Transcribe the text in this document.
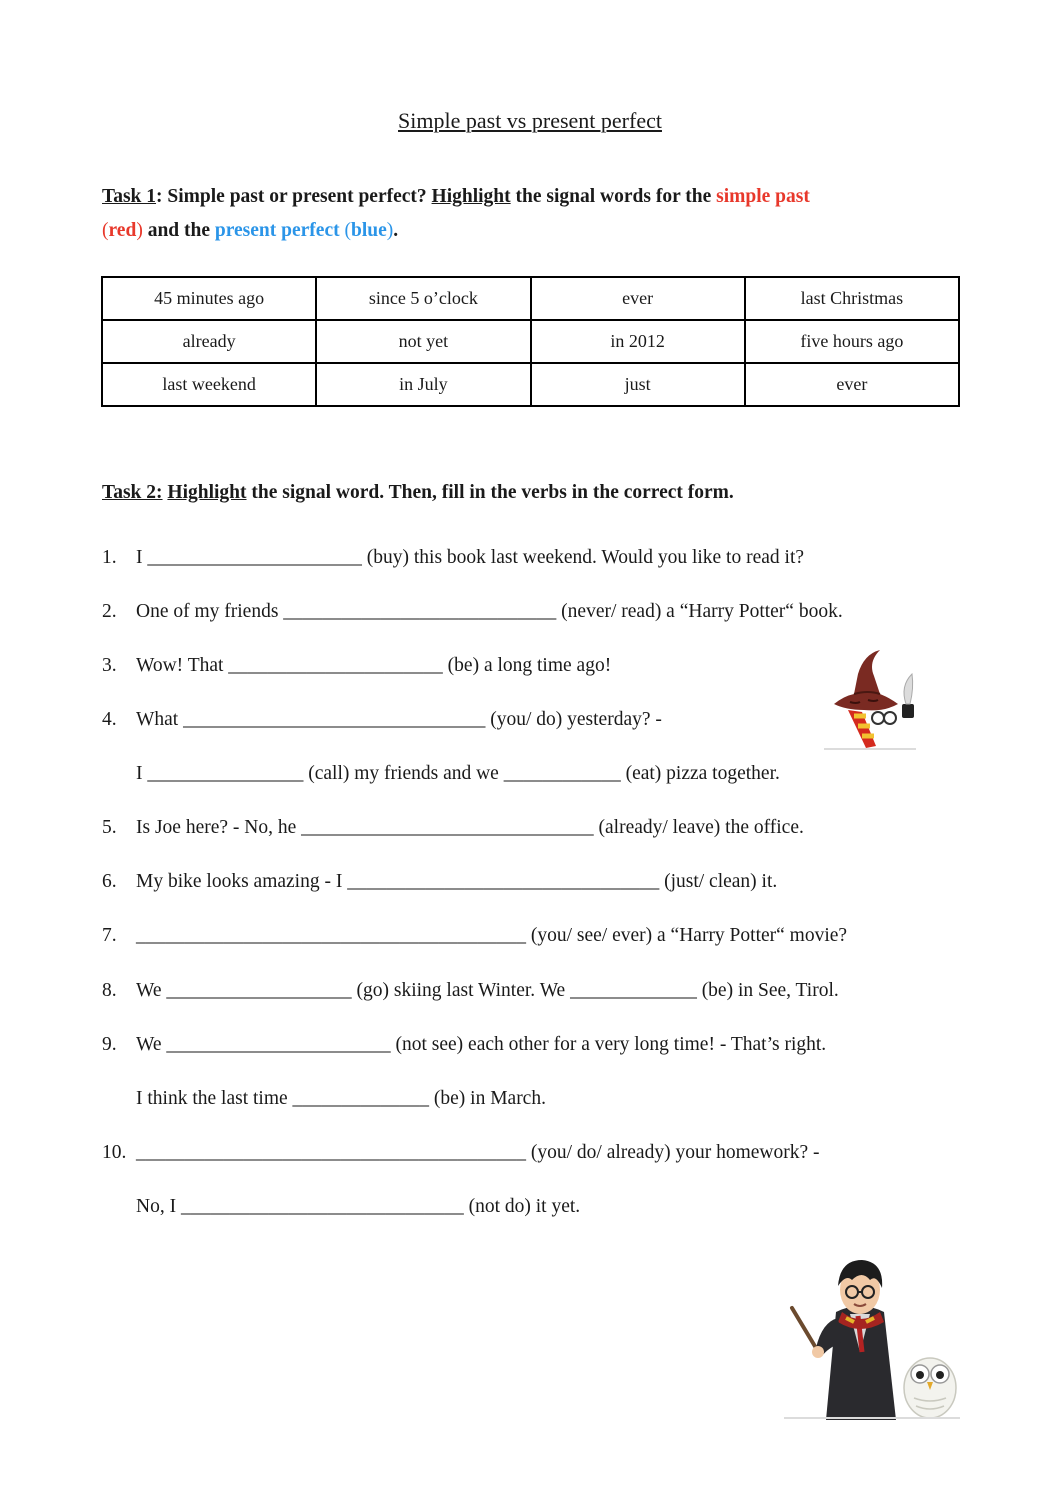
Simple past vs present perfect
Task 1: Simple past or present perfect? Highlight the signal words for the simple past
(red) and the present perfect (blue).
45 minutes ago	since 5 o’clock	ever	last Christmas
already	not yet	in 2012	five hours ago
last weekend	in July	just	ever
Task 2: Highlight the signal word. Then, fill in the verbs in the correct form.
1. I ______________________ (buy) this book last weekend. Would you like to read it?
2. One of my friends ____________________________ (never/ read) a “Harry Potter“ book.
3. Wow! That ______________________ (be) a long time ago!
4. What _______________________________ (you/ do) yesterday? -
I ________________ (call) my friends and we ____________ (eat) pizza together.
5. Is Joe here? - No, he ______________________________ (already/ leave) the office.
6. My bike looks amazing - I ________________________________ (just/ clean) it.
7. ________________________________________ (you/ see/ ever) a “Harry Potter“ movie?
8. We ___________________ (go) skiing last Winter. We _____________ (be) in See, Tirol.
9. We _______________________ (not see) each other for a very long time! - That’s right.
I think the last time ______________ (be) in March.
10. ________________________________________ (you/ do/ already) your homework? -
No, I _____________________________ (not do) it yet.
